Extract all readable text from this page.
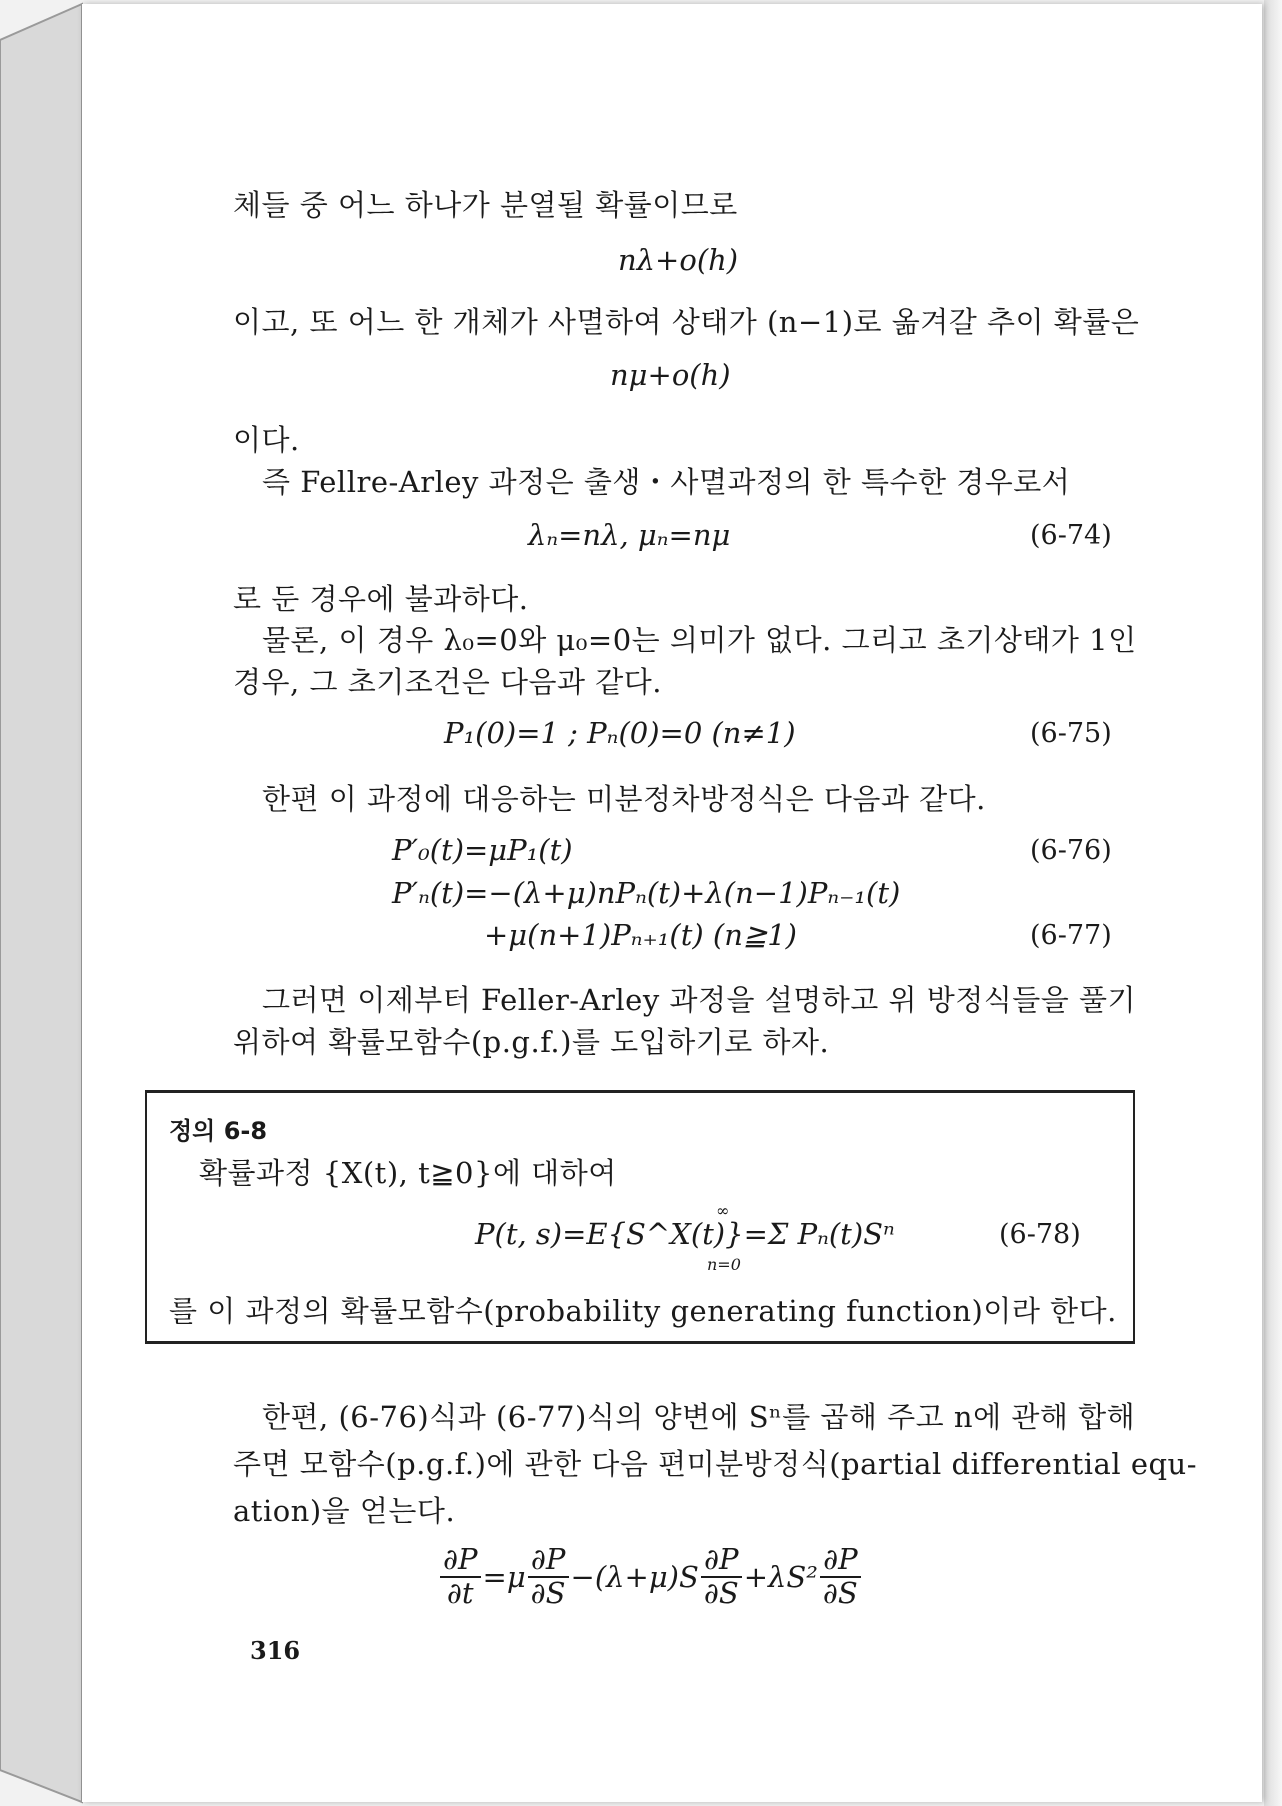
체들 중 어느 하나가 분열될 확률이므로
nλ+o(h)
이고, 또 어느 한 개체가 사멸하여 상태가 (n−1)로 옮겨갈 추이 확률은
nμ+o(h)
이다.
즉 Fellre-Arley 과정은 출생・사멸과정의 한 특수한 경우로서
λₙ=nλ, μₙ=nμ	(6-74)
로 둔 경우에 불과하다.
물론, 이 경우 λ₀=0와 μ₀=0는 의미가 없다. 그리고 초기상태가 1인
경우, 그 초기조건은 다음과 같다.
P₁(0)=1 ; Pₙ(0)=0 (n≠1)	(6-75)
한편 이 과정에 대응하는 미분정차방정식은 다음과 같다.
P′₀(t)=μP₁(t)	(6-76)
P′ₙ(t)=−(λ+μ)nPₙ(t)+λ(n−1)Pₙ₋₁(t)
+μ(n+1)Pₙ₊₁(t) (n≧1)	(6-77)
그러면 이제부터 Feller-Arley 과정을 설명하고 위 방정식들을 풀기
위하여 확률모함수(p.g.f.)를 도입하기로 하자.
정의 6-8
확률과정 {X(t), t≧0}에 대하여
P(t, s)=E{S^X(t)}=Σ Pₙ(t)Sⁿ
∞
n=0
(6-78)
를 이 과정의 확률모함수(probability generating function)이라 한다.
한편, (6-76)식과 (6-77)식의 양변에 Sⁿ를 곱해 주고 n에 관해 합해
주면 모함수(p.g.f.)에 관한 다음 편미분방정식(partial differential equ-
ation)을 얻는다.
$\frac{\partial P}{\partial t} =\mu \frac{\partial P}{\partial S} -(\lambda+\mu)S \frac{\partial P}{\partial S} +\lambda S^2 \frac{\partial P}{\partial S}$
316
